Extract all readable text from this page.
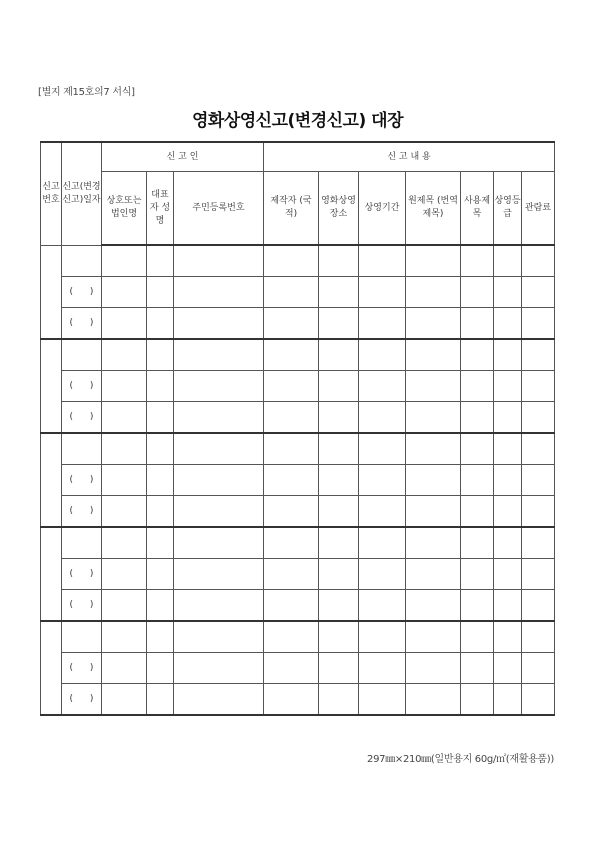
[별지 제15호의7 서식]
영화상영신고(변경신고) 대장
신고 번호	신고(변경신고)일자	신 고 인			신 고 내 용	
		상호또는 법인명	대표자 성 명	주민등록번호	제작자 (국 적)	영화상영장소	상영기간	원제목 (번역제목)	사용제목	상영등급	관람료	

	( )											
	( )											

	( )											
	( )											

	( )											
	( )											

	( )											
	( )											

	( )											
	( )											
297㎜×210㎜(일반용지 60g/㎡(재활용품))
